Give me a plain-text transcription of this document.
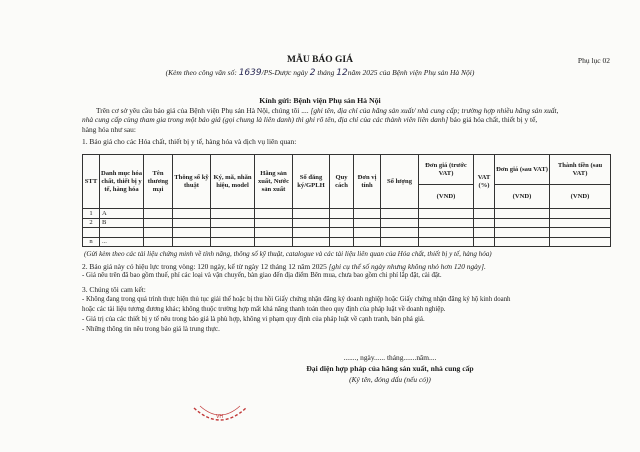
Phụ lục 02
MẪU BÁO GIÁ
(Kèm theo công văn số: 1639/PS-Dược ngày 2 tháng 12năm 2025 của Bệnh viện Phụ sản Hà Nội)
Kính gửi: Bệnh viện Phụ sản Hà Nội
Trên cơ sở yêu cầu báo giá của Bệnh viện Phụ sản Hà Nội, chúng tôi .... [ghi tên, địa chỉ của hãng sản xuất/ nhà cung cấp; trường hợp nhiều hãng sản xuất,
nhà cung cấp cùng tham gia trong một báo giá (gọi chung là liên danh) thì ghi rõ tên, địa chỉ của các thành viên liên danh] báo giá hóa chất, thiết bị y tế,
hàng hóa như sau:
1. Báo giá cho các Hóa chất, thiết bị y tế, hàng hóa và dịch vụ liên quan:
STT	Danh mục hóa chất, thiết bị y tế, hàng hóa	Tên thương mại	Thông số kỹ thuật	Ký, mã, nhãn hiệu, model	Hãng sản xuất, Nước sản xuất	Số đăng ký/GPLH	Quy cách	Đơn vị tính	Số lượng	Đơn giá (trước VAT)	VAT (%)	Đơn giá (sau VAT)	Thành tiền (sau VAT)
										(VND)		(VND)	(VND)
1	A												
2	B												

n	...												
(Gửi kèm theo các tài liệu chứng minh về tính năng, thông số kỹ thuật, catalogue và các tài liệu liên quan của Hóa chất, thiết bị y tế, hàng hóa)
2. Báo giá này có hiệu lực trong vòng: 120 ngày, kể từ ngày 12 tháng 12 năm 2025 [ghi cụ thể số ngày nhưng không nhỏ hơn 120 ngày].
- Giá nêu trên đã bao gồm thuế, phí các loại và vận chuyển, bàn giao đến địa điểm Bên mua, chưa bao gồm chi phí lắp đặt, cài đặt.
3. Chúng tôi cam kết:
- Không đang trong quá trình thực hiện thủ tục giải thể hoặc bị thu hồi Giấy chứng nhận đăng ký doanh nghiệp hoặc Giấy chứng nhận đăng ký hộ kinh doanh
hoặc các tài liệu tương đương khác; không thuộc trường hợp mất khả năng thanh toán theo quy định của pháp luật về doanh nghiệp.
- Giá trị của các thiết bị y tế nêu trong báo giá là phù hợp, không vi phạm quy định của pháp luật về cạnh tranh, bán phá giá.
- Những thông tin nêu trong báo giá là trung thực.
......., ngày...... tháng.......năm....
Đại diện hợp pháp của hãng sản xuất, nhà cung cấp
(Ký tên, đóng dấu (nếu có))
VH
